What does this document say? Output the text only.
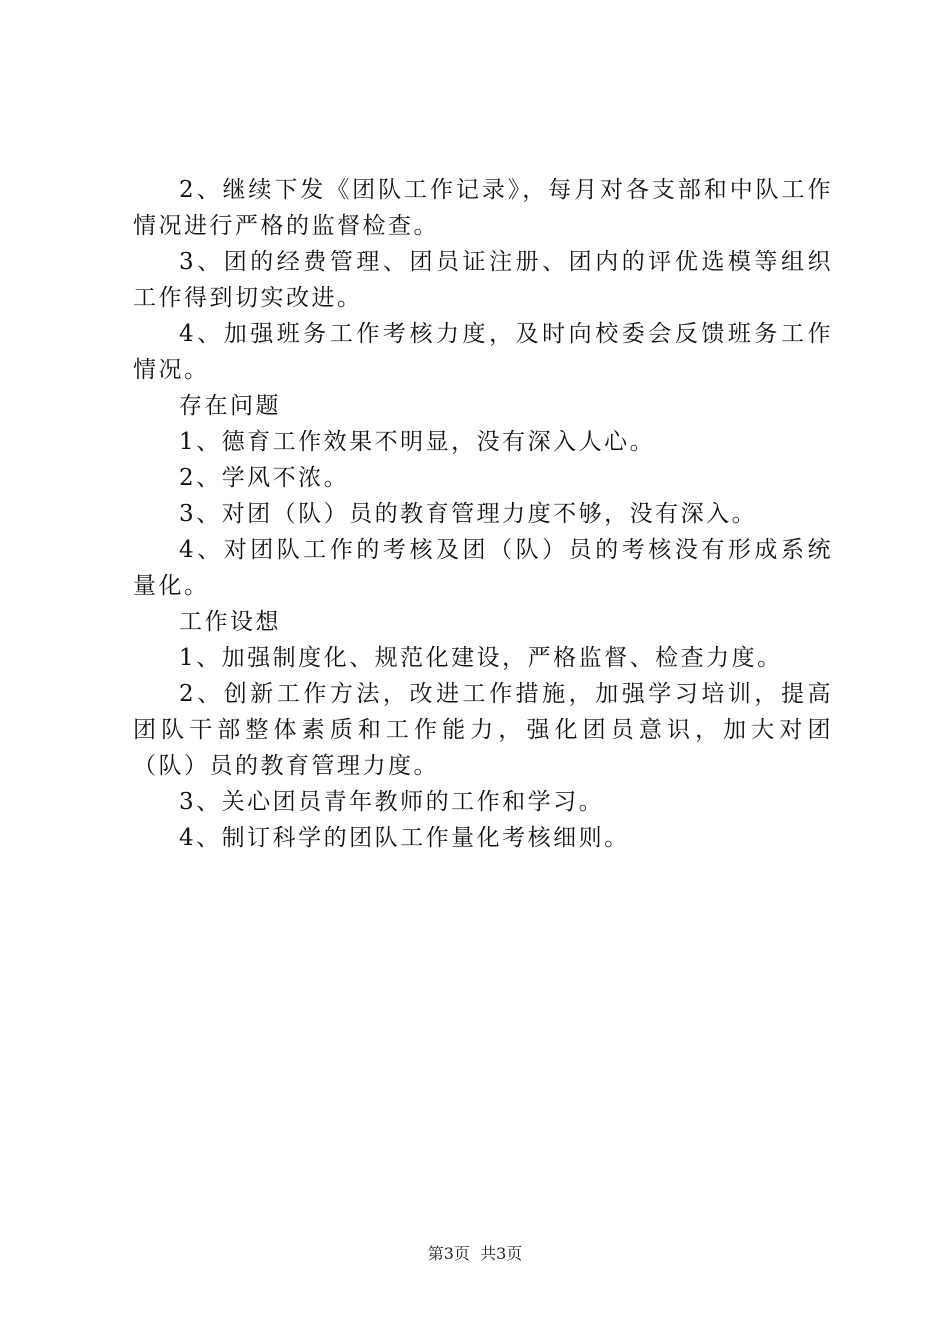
2、继续下发《团队工作记录》，每月对各支部和中队工作情况进行严格的监督检查。

3、团的经费管理、团员证注册、团内的评优选模等组织工作得到切实改进。

4、加强班务工作考核力度，及时向校委会反馈班务工作情况。

存在问题

1、德育工作效果不明显，没有深入人心。

2、学风不浓。

3、对团（队）员的教育管理力度不够，没有深入。

4、对团队工作的考核及团（队）员的考核没有形成系统量化。

工作设想

1、加强制度化、规范化建设，严格监督、检查力度。

2、创新工作方法，改进工作措施，加强学习培训，提高团队干部整体素质和工作能力，强化团员意识，加大对团（队）员的教育管理力度。

3、关心团员青年教师的工作和学习。

4、制订科学的团队工作量化考核细则。

第3页 共3页
